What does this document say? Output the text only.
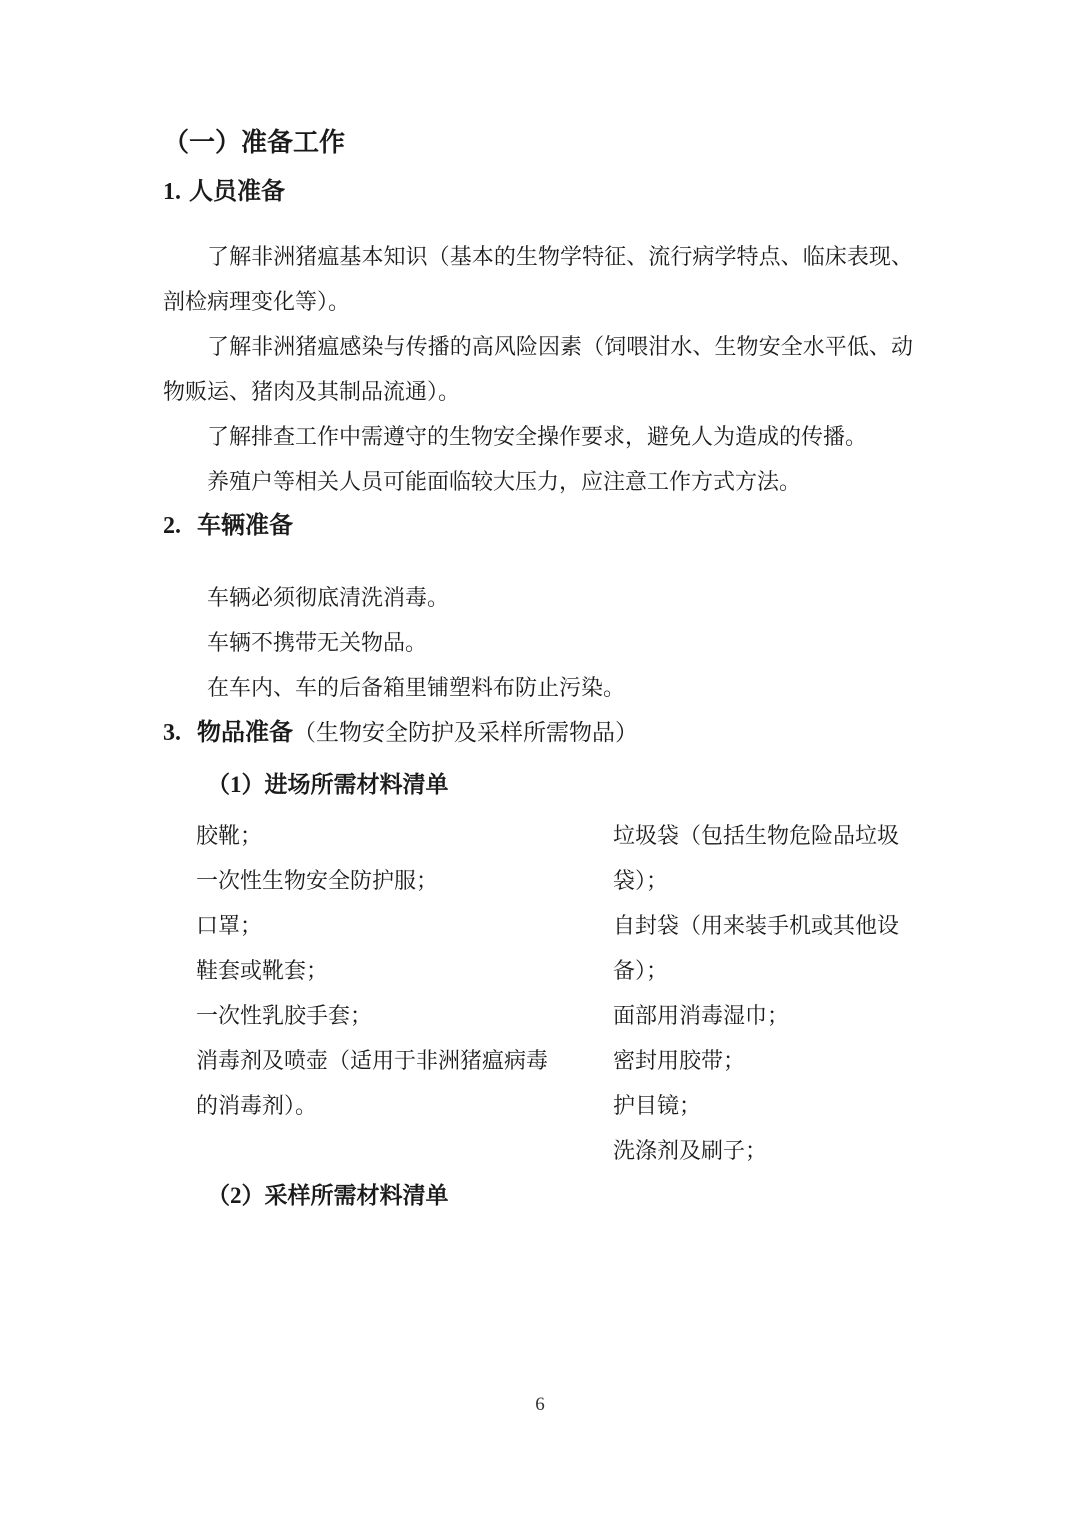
（一）准备工作
1. 人员准备

了解非洲猪瘟基本知识（基本的生物学特征、流行病学特点、临床表现、剖检病理变化等）。

了解非洲猪瘟感染与传播的高风险因素（饲喂泔水、生物安全水平低、动物贩运、猪肉及其制品流通）。

了解排查工作中需遵守的生物安全操作要求，避免人为造成的传播。

养殖户等相关人员可能面临较大压力，应注意工作方式方法。

2. 车辆准备

车辆必须彻底清洗消毒。

车辆不携带无关物品。

在车内、车的后备箱里铺塑料布防止污染。

3. 物品准备（生物安全防护及采样所需物品）
（1）进场所需材料清单
胶靴；
一次性生物安全防护服；
口罩；
鞋套或靴套；
一次性乳胶手套；
消毒剂及喷壶（适用于非洲猪瘟病毒的消毒剂）。
垃圾袋（包括生物危险品垃圾袋）；
自封袋（用来装手机或其他设备）；
面部用消毒湿巾；
密封用胶带；
护目镜；
洗涤剂及刷子；
（2）采样所需材料清单
6
